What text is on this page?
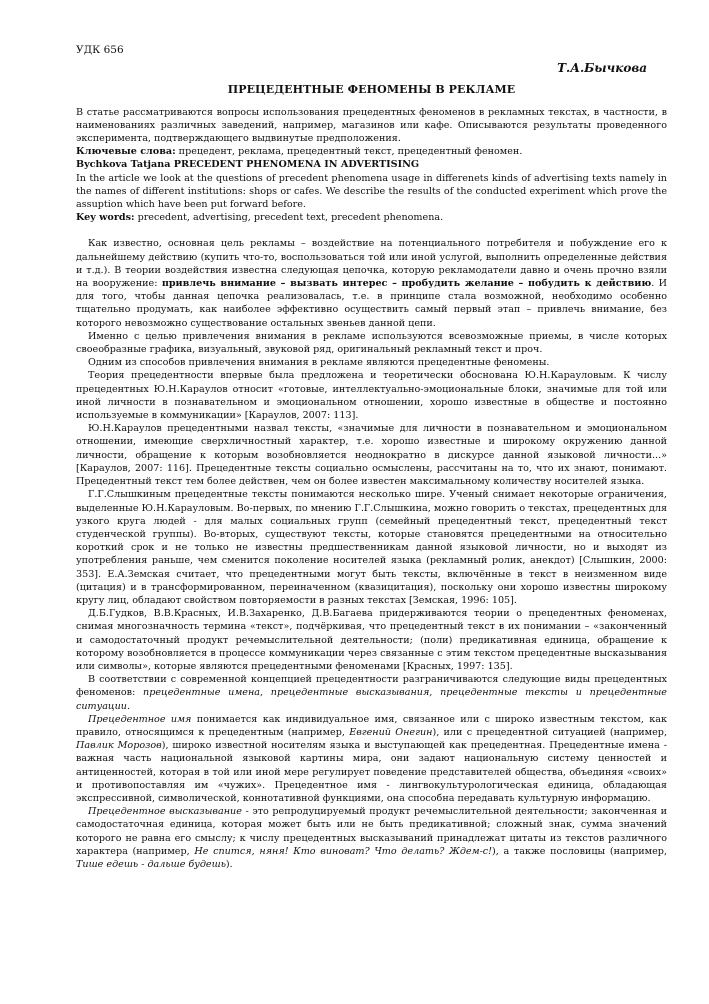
УДК 656
Т.А.Бычкова
ПРЕЦЕДЕНТНЫЕ ФЕНОМЕНЫ В РЕКЛАМЕ

В статье рассматриваются вопросы использования прецедентных феноменов в рекламных текстах, в частности, в наименованиях различных заведений, например, магазинов или кафе. Описываются результаты проведенного эксперимента, подтверждающего выдвинутые предположения.

Ключевые слова: прецедент, реклама, прецедентный текст, прецедентный феномен.

Bychkova Tatjana PRECEDENT PHENOMENA IN ADVERTISING

In the article we look at the questions of precedent phenomena usage in differenets kinds of advertising texts namely in the names of different institutions: shops or cafes. We describe the results of the conducted experiment which prove the assuption which have been put forward before.

Key words: precedent, advertising, precedent text, precedent phenomena.

Как известно, основная цель рекламы – воздействие на потенциального потребителя и побуждение его к дальнейшему действию (купить что-то, воспользоваться той или иной услугой, выполнить определенные действия и т.д.). В теории воздействия известна следующая цепочка, которую рекламодатели давно и очень прочно взяли на вооружение: привлечь внимание – вызвать интерес – пробудить желание – побудить к действию. И для того, чтобы данная цепочка реализовалась, т.е. в принципе стала возможной, необходимо особенно тщательно продумать, как наиболее эффективно осуществить самый первый этап – привлечь внимание, без которого невозможно существование остальных звеньев данной цепи.

Именно с целью привлечения внимания в рекламе используются всевозможные приемы, в числе которых своеобразные графика, визуальный, звуковой ряд, оригинальный рекламный текст и проч.

Одним из способов привлечения внимания в рекламе являются прецедентные феномены.

Теория прецедентности впервые была предложена и теоретически обоснована Ю.Н.Карауловым. К числу прецедентных Ю.Н.Караулов относит «готовые, интеллектуально-эмоциональные блоки, значимые для той или иной личности в познавательном и эмоциональном отношении, хорошо известные в обществе и постоянно используемые в коммуникации» [Караулов, 2007: 113].

Ю.Н.Караулов прецедентными назвал тексты, «значимые для личности в познавательном и эмоциональном отношении, имеющие сверхличностный характер, т.е. хорошо известные и широкому окружению данной личности, обращение к которым возобновляется неоднократно в дискурсе данной языковой личности...» [Караулов, 2007: 116]. Прецедентные тексты социально осмыслены, рассчитаны на то, что их знают, понимают. Прецедентный текст тем более действен, чем он более известен максимальному количеству носителей языка.

Г.Г.Слышкиным прецедентные тексты понимаются несколько шире. Ученый снимает некоторые ограничения, выделенные Ю.Н.Карауловым. Во-первых, по мнению Г.Г.Слышкина, можно говорить о текстах, прецедентных для узкого круга людей - для малых социальных групп (семейный прецедентный текст, прецедентный текст студенческой группы). Во-вторых, существуют тексты, которые становятся прецедентными на относительно короткий срок и не только не известны предшественникам данной языковой личности, но и выходят из употребления раньше, чем сменится поколение носителей языка (рекламный ролик, анекдот) [Слышкин, 2000: 353]. Е.А.Земская считает, что прецедентными могут быть тексты, включённые в текст в неизменном виде (цитация) и в трансформированном, переиначенном (квазицитация), поскольку они хорошо известны широкому кругу лиц, обладают свойством повторяемости в разных текстах [Земская, 1996: 105].

Д.Б.Гудков, В.В.Красных, И.В.Захаренко, Д.В.Багаева придерживаются теории о прецедентных феноменах, снимая многозначность термина «текст», подчёркивая, что прецедентный текст в их понимании – «законченный и самодостаточный продукт речемыслительной деятельности; (поли) предикативная единица, обращение к которому возобновляется в процессе коммуникации через связанные с этим текстом прецедентные высказывания или символы», которые являются прецедентными феноменами [Красных, 1997: 135].

В соответствии с современной концепцией прецедентности разграничиваются следующие виды прецедентных феноменов: прецедентные имена, прецедентные высказывания, прецедентные тексты и прецедентные ситуации.

Прецедентное имя понимается как индивидуальное имя, связанное или с широко известным текстом, как правило, относящимся к прецедентным (например, Евгений Онегин), или с прецедентной ситуацией (например, Павлик Морозов), широко известной носителям языка и выступающей как прецедентная. Прецедентные имена - важная часть национальной языковой картины мира, они задают национальную систему ценностей и антиценностей, которая в той или иной мере регулирует поведение представителей общества, объединяя «своих» и противопоставляя им «чужих». Прецедентное имя - лингвокультурологическая единица, обладающая экспрессивной, символической, коннотативной функциями, она способна передавать культурную информацию.

Прецедентное высказывание - это репродуцируемый продукт речемыслительной деятельности; законченная и самодостаточная единица, которая может быть или не быть предикативной; сложный знак, сумма значений которого не равна его смыслу; к числу прецедентных высказываний принадлежат цитаты из текстов различного характера (например, Не спится, няня! Кто виноват? Что делать? Ждем-с!), а также пословицы (например, Тише едешь - дальше будешь).
